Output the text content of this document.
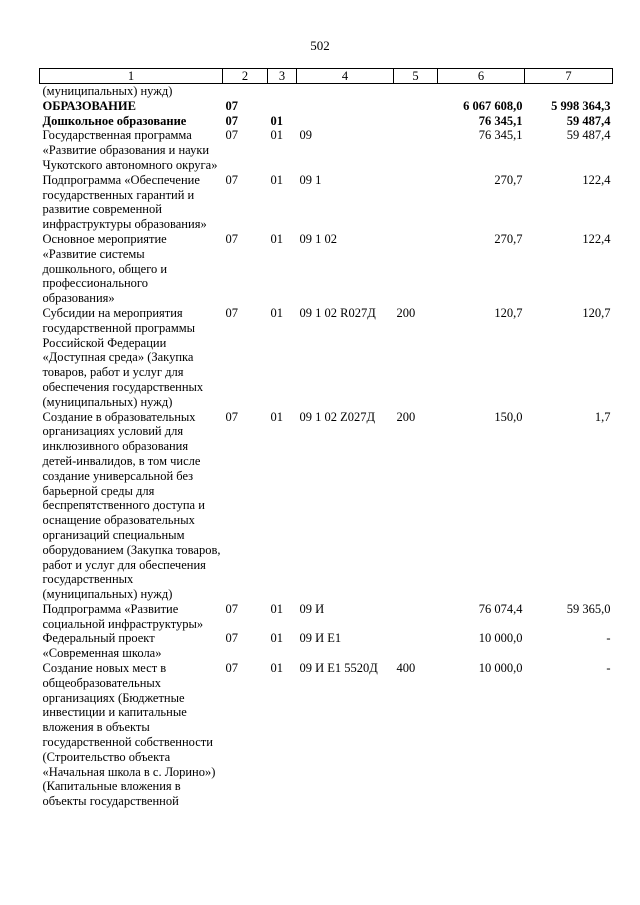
502
1	2	3	4	5	6	7
(муниципальных) нужд)						
ОБРАЗОВАНИЕ	07				6 067 608,0	5 998 364,3
Дошкольное образование	07	01			76 345,1	59 487,4
Государственная программа «Развитие образования и науки Чукотского автономного округа»	07	01	09		76 345,1	59 487,4
Подпрограмма «Обеспечение государственных гарантий и развитие современной инфраструктуры образования»	07	01	09 1		270,7	122,4
Основное мероприятие «Развитие системы дошкольного, общего и профессионального образования»	07	01	09 1 02		270,7	122,4
Субсидии на мероприятия государственной программы Российской Федерации «Доступная среда» (Закупка товаров, работ и услуг для обеспечения государственных (муниципальных) нужд)	07	01	09 1 02 R027Д	200	120,7	120,7
Создание в образовательных организациях условий для инклюзивного образования детей-инвалидов, в том числе создание универсальной без барьерной среды для беспрепятственного доступа и оснащение образовательных организаций специальным оборудованием (Закупка товаров, работ и услуг для обеспечения государственных (муниципальных) нужд)	07	01	09 1 02 Z027Д	200	150,0	1,7
Подпрограмма «Развитие социальной инфраструктуры»	07	01	09 И		76 074,4	59 365,0
Федеральный проект «Современная школа»	07	01	09 И E1		10 000,0	-
Создание новых мест в общеобразовательных организациях (Бюджетные инвестиции и капитальные вложения в объекты государственной собственности (Строительство объекта «Начальная школа в с. Лорино») (Капитальные вложения в объекты государственной	07	01	09 И E1 5520Д	400	10 000,0	-
